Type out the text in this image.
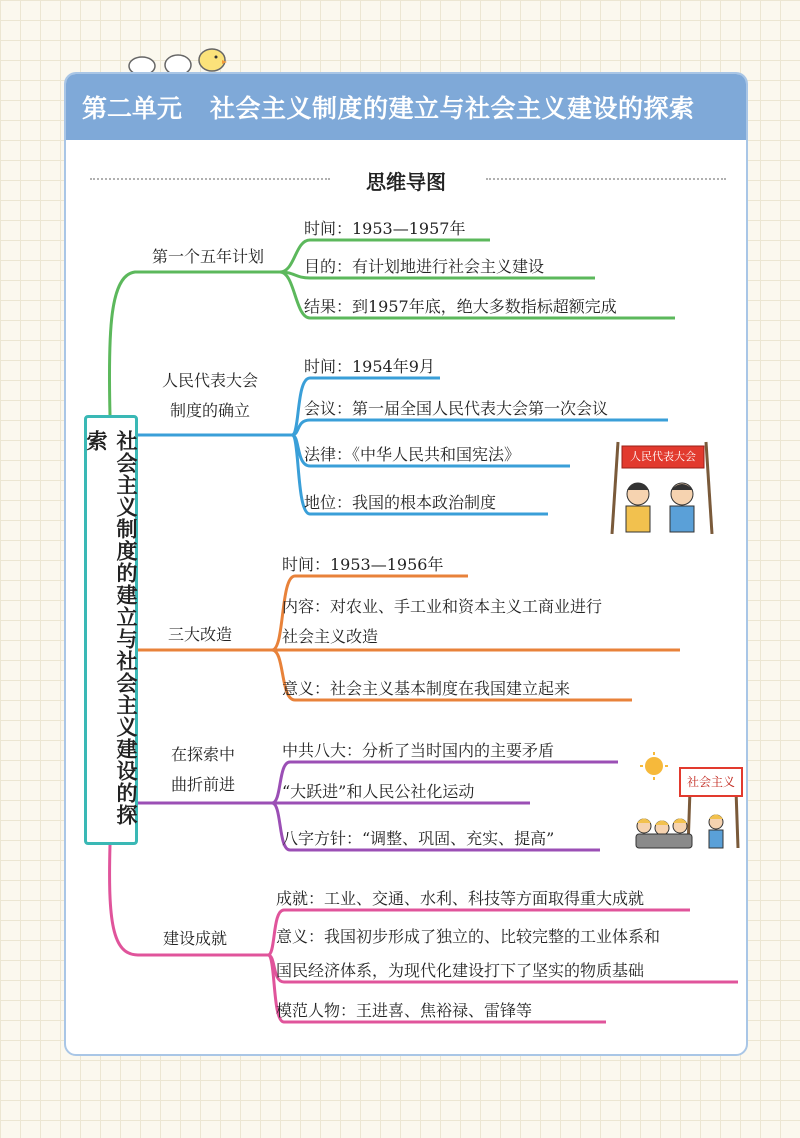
第二单元 社会主义制度的建立与社会主义建设的探索
思维导图
社会主义制度的建立与社会主义建设的探索
第一个五年计划
人民代表大会
制度的确立
三大改造
在探索中
曲折前进
建设成就
时间：1953—1957年
目的：有计划地进行社会主义建设
结果：到1957年底，绝大多数指标超额完成
时间：1954年9月
会议：第一届全国人民代表大会第一次会议
法律：《中华人民共和国宪法》
地位：我国的根本政治制度
时间：1953—1956年
内容：对农业、手工业和资本主义工商业进行
社会主义改造
意义：社会主义基本制度在我国建立起来
中共八大：分析了当时国内的主要矛盾
“大跃进”和人民公社化运动
八字方针：“调整、巩固、充实、提高”
成就：工业、交通、水利、科技等方面取得重大成就
意义：我国初步形成了独立的、比较完整的工业体系和
国民经济体系，为现代化建设打下了坚实的物质基础
模范人物：王进喜、焦裕禄、雷锋等
人民代表大会
社会主义
